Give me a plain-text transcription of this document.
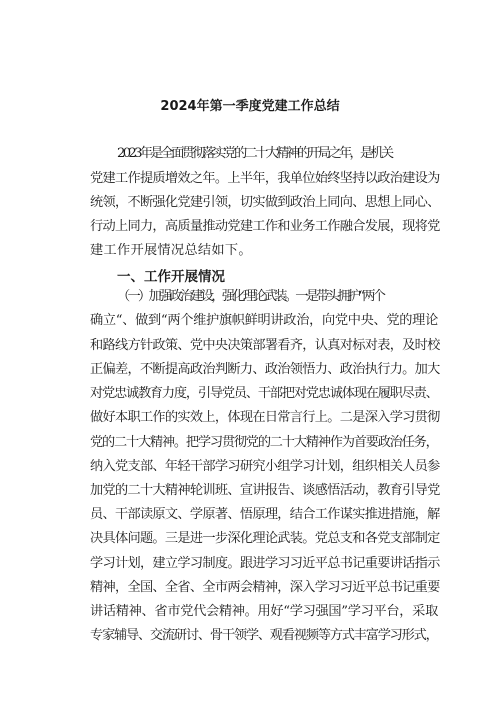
2024年第一季度党建工作总结
2023年是全面贯彻落实党的二十大精神的开局之年，是机关
党建工作提质增效之年。上半年，我单位始终坚持以政治建设为
统领，不断强化党建引领，切实做到政治上同向、思想上同心、
行动上同力，高质量推动党建工作和业务工作融合发展，现将党
建工作开展情况总结如下。
一、工作开展情况
（一）加强政治建设，强化理论武装。一是带头拥护“两个
确立“、做到“两个维护旗帜鲜明讲政治，向党中央、党的理论
和路线方针政策、党中央决策部署看齐，认真对标对表，及时校
正偏差，不断提高政治判断力、政治领悟力、政治执行力。加大
对党忠诚教育力度，引导党员、干部把对党忠诚体现在履职尽责、
做好本职工作的实效上，体现在日常言行上。二是深入学习贯彻
党的二十大精神。把学习贯彻党的二十大精神作为首要政治任务，
纳入党支部、年轻干部学习研究小组学习计划，组织相关人员参
加党的二十大精神轮训班、宣讲报告、谈感悟活动，教育引导党
员、干部读原文、学原著、悟原理，结合工作谋实推进措施，解
决具体问题。三是进一步深化理论武装。党总支和各党支部制定
学习计划，建立学习制度。跟进学习习近平总书记重要讲话指示
精神，全国、全省、全市两会精神，深入学习习近平总书记重要
讲话精神、省市党代会精神。用好“学习强国”学习平台，采取
专家辅导、交流研讨、骨干领学、观看视频等方式丰富学习形式，
